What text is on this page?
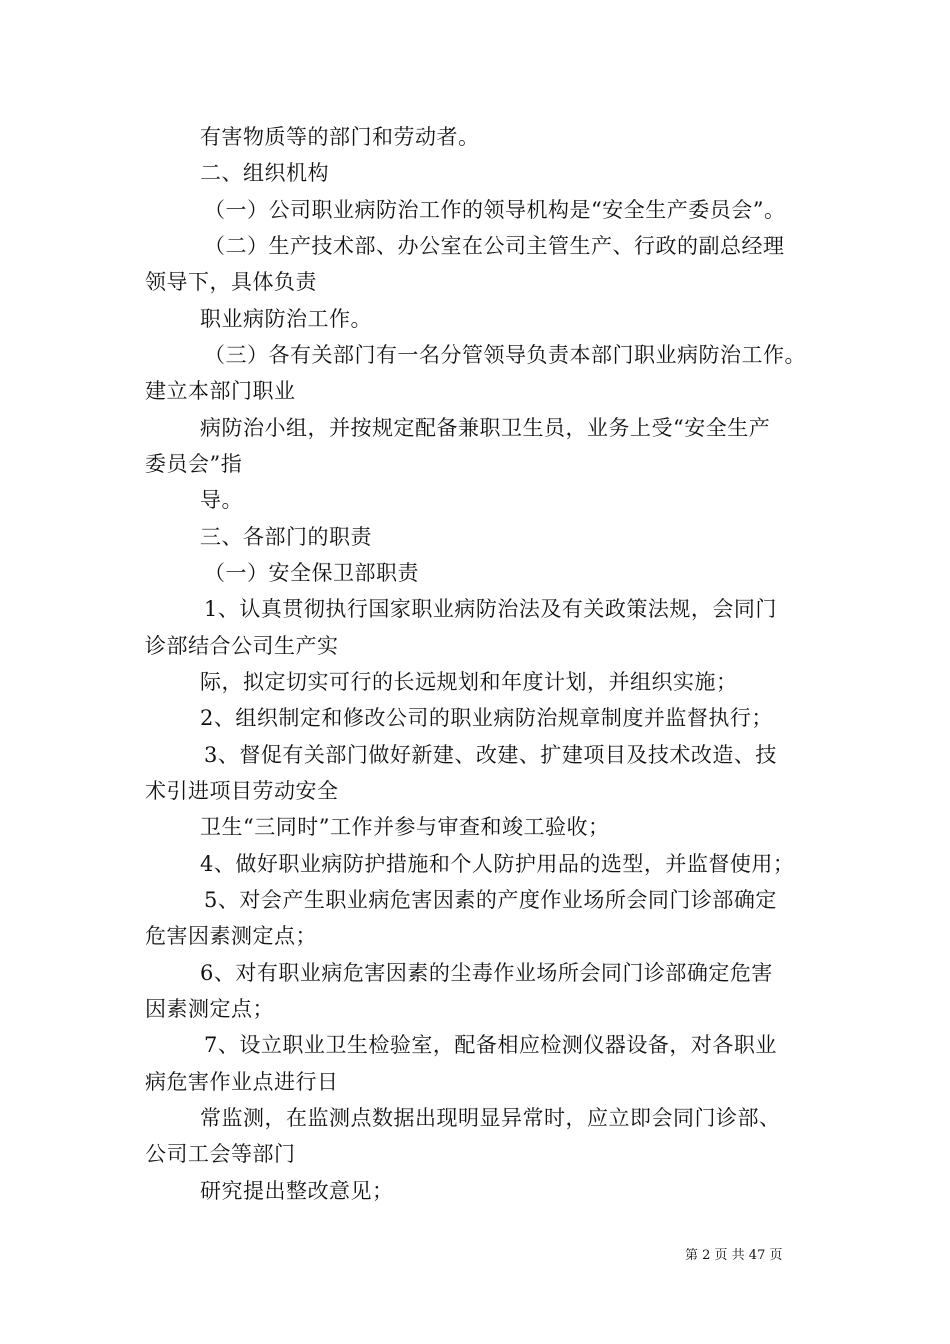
有害物质等的部门和劳动者。
二、组织机构
（一）公司职业病防治工作的领导机构是“安全生产委员会”。
（二）生产技术部、办公室在公司主管生产、行政的副总经理
领导下，具体负责
职业病防治工作。
（三）各有关部门有一名分管领导负责本部门职业病防治工作。
建立本部门职业
病防治小组，并按规定配备兼职卫生员，业务上受“安全生产
委员会”指
导。
三、各部门的职责
（一）安全保卫部职责
1、认真贯彻执行国家职业病防治法及有关政策法规，会同门
诊部结合公司生产实
际，拟定切实可行的长远规划和年度计划，并组织实施；
2、组织制定和修改公司的职业病防治规章制度并监督执行；
3、督促有关部门做好新建、改建、扩建项目及技术改造、技
术引进项目劳动安全
卫生“三同时”工作并参与审查和竣工验收；
4、做好职业病防护措施和个人防护用品的选型，并监督使用；
5、对会产生职业病危害因素的产度作业场所会同门诊部确定
危害因素测定点；
6、对有职业病危害因素的尘毒作业场所会同门诊部确定危害
因素测定点；
7、设立职业卫生检验室，配备相应检测仪器设备，对各职业
病危害作业点进行日
常监测，在监测点数据出现明显异常时，应立即会同门诊部、
公司工会等部门
研究提出整改意见；
第 2 页 共 47 页
